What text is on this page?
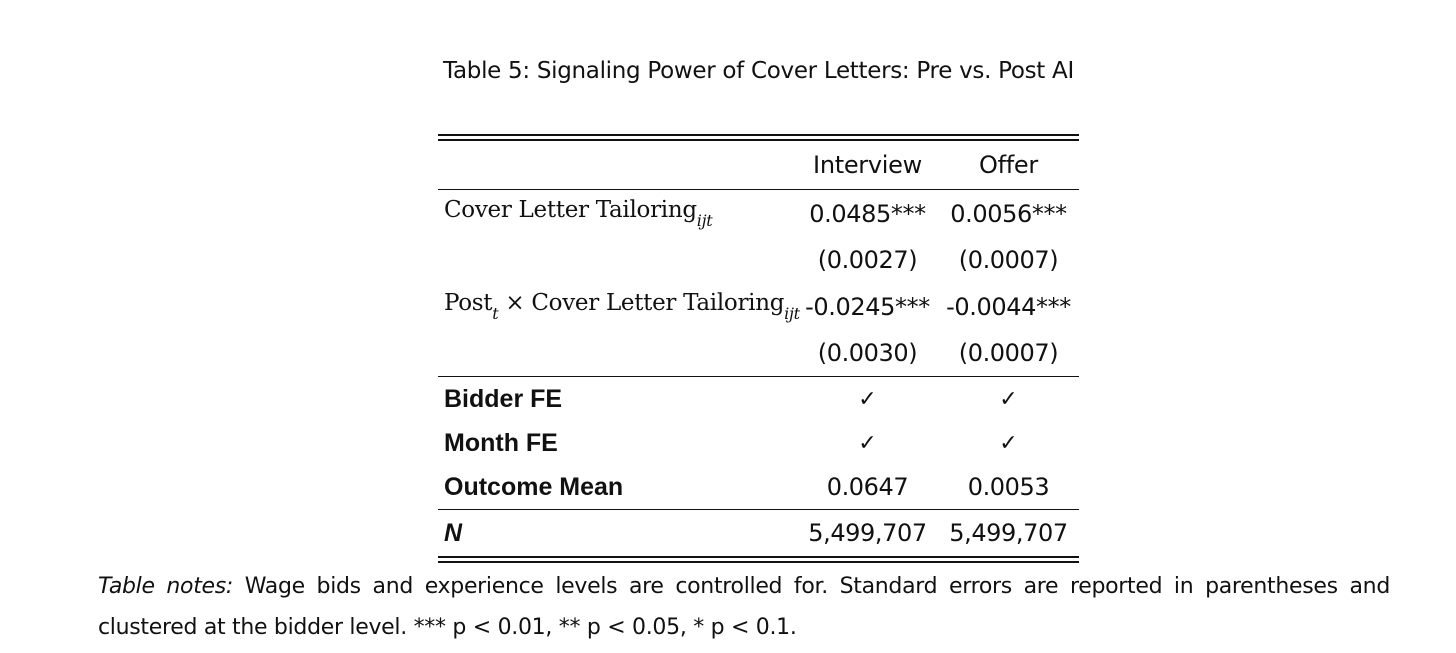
Table 5: Signaling Power of Cover Letters: Pre vs. Post AI
	Interview	Offer
Cover Letter Tailoring$_{ijt}$	0.0485***	0.0056***
	(0.0027)	(0.0007)
Post$_t$ × Cover Letter Tailoring$_{ijt}$	-0.0245***	-0.0044***
	(0.0030)	(0.0007)
Bidder FE	✓	✓
Month FE	✓	✓
Outcome Mean	0.0647	0.0053
N	5,499,707	5,499,707
Table notes: Wage bids and experience levels are controlled for. Standard errors are reported in parentheses and clustered at the bidder level. *** p < 0.01, ** p < 0.05, * p < 0.1.
